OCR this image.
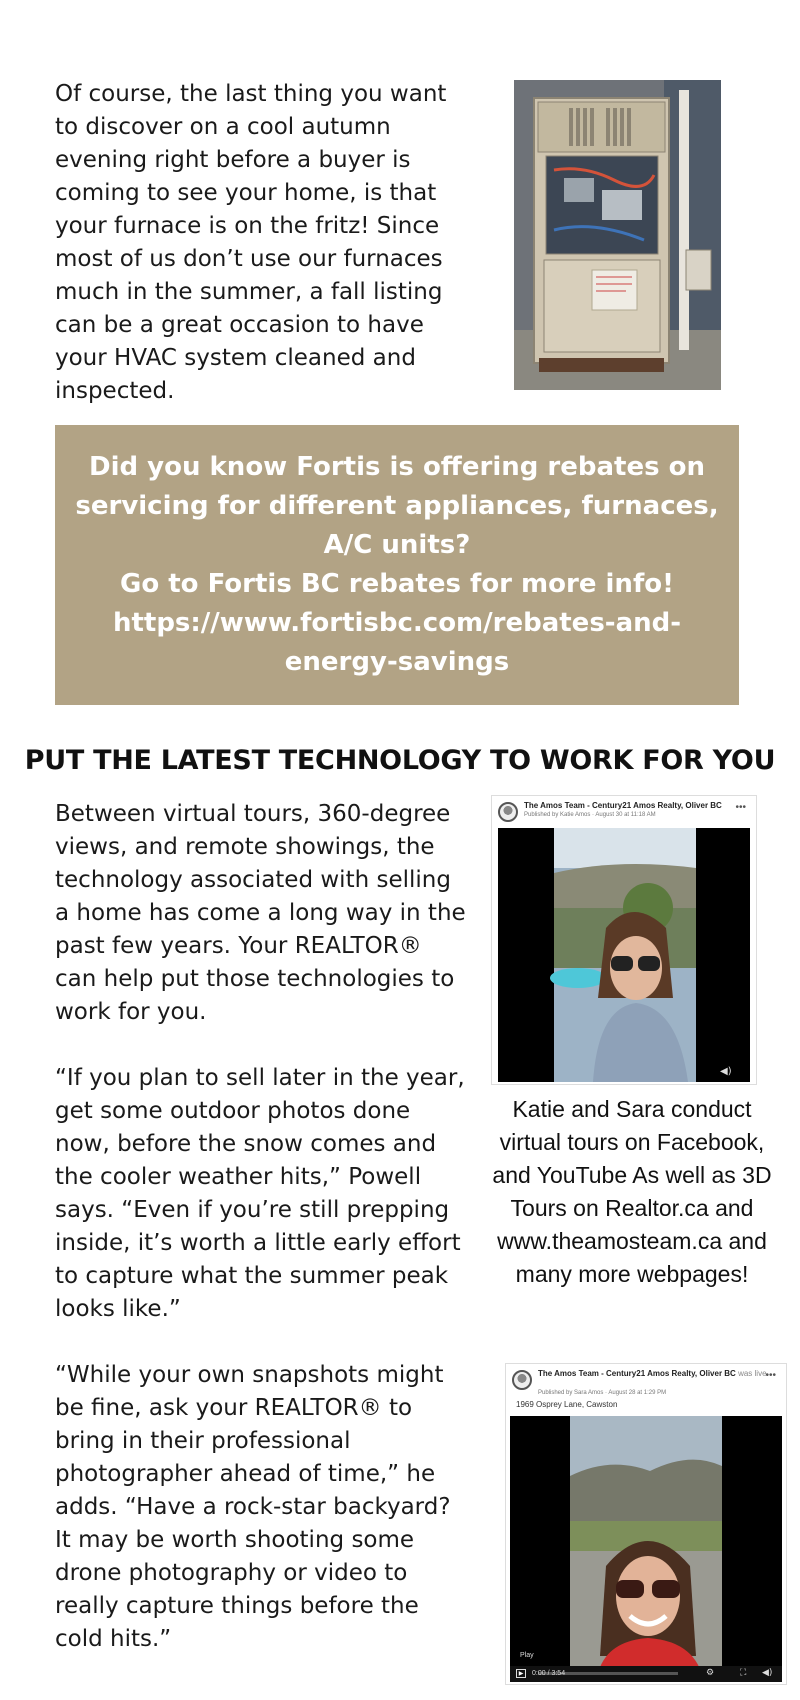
Of course, the last thing you want to discover on a cool autumn evening right before a buyer is coming to see your home, is that your furnace is on the fritz! Since most of us don’t use our furnaces much in the summer, a fall listing can be a great occasion to have your HVAC system cleaned and inspected.

Did you know Fortis is offering rebates on servicing for different appliances, furnaces, A/C units?
Go to Fortis BC rebates for more info!
https://www.fortisbc.com/rebates-and-energy-savings
PUT THE LATEST TECHNOLOGY TO WORK FOR YOU

Between virtual tours, 360-degree views, and remote showings, the technology associated with selling a home has come a long way in the past few years. Your REALTOR® can help put those technologies to work for you.

“If you plan to sell later in the year, get some outdoor photos done now, before the snow comes and the cooler weather hits,” Powell says. “Even if you’re still prepping inside, it’s worth a little early effort to capture what the summer peak looks like.”

“While your own snapshots might be fine, ask your REALTOR® to bring in their professional photographer ahead of time,” he adds. “Have a rock-star backyard? It may be worth shooting some drone photography or video to really capture things before the cold hits.”

The Amos Team - Century21 Amos Realty, Oliver BC
Published by Katie Amos · August 30 at 11:18 AM
•••
◀)
Katie and Sara conduct virtual tours on Facebook, and YouTube As well as 3D Tours on Realtor.ca and www.theamosteam.ca and many more webpages!
The Amos Team - Century21 Amos Realty, Oliver BC was live.
Published by Sara Amos · August 28 at 1:29 PM
•••
1969 Osprey Lane, Cawston
Play
▶	0:00 / 3:54	⚙	⛶ ◀)
